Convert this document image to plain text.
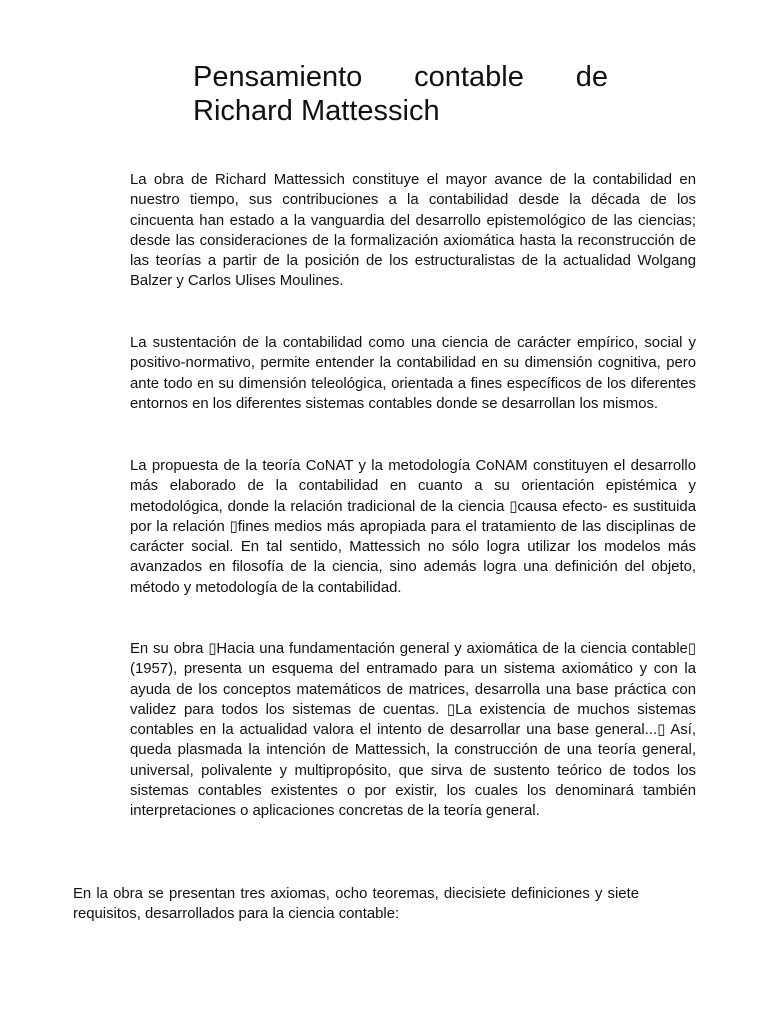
Pensamiento contable de
Richard Mattessich

La obra de Richard Mattessich constituye el mayor avance de la contabilidad en nuestro tiempo, sus contribuciones a la contabilidad desde la década de los cincuenta han estado a la vanguardia del desarrollo epistemológico de las ciencias; desde las consideraciones de la formalización axiomática hasta la reconstrucción de las teorías a partir de la posición de los estructuralistas de la actualidad Wolgang Balzer y Carlos Ulises Moulines.

La sustentación de la contabilidad como una ciencia de carácter empírico, social y positivo-normativo, permite entender la contabilidad en su dimensión cognitiva, pero ante todo en su dimensión teleológica, orientada a fines específicos de los diferentes entornos en los diferentes sistemas contables donde se desarrollan los mismos.

La propuesta de la teoría CoNAT y la metodología CoNAM constituyen el desarrollo más elaborado de la contabilidad en cuanto a su orientación epistémica y metodológica, donde la relación tradicional de la ciencia ▯causa efecto- es sustituida por la relación ▯fines medios más apropiada para el tratamiento de las disciplinas de carácter social. En tal sentido, Mattessich no sólo logra utilizar los modelos más avanzados en filosofía de la ciencia, sino además logra una definición del objeto, método y metodología de la contabilidad.

En su obra ▯Hacia una fundamentación general y axiomática de la ciencia contable▯ (1957), presenta un esquema del entramado para un sistema axiomático y con la ayuda de los conceptos matemáticos de matrices, desarrolla una base práctica con validez para todos los sistemas de cuentas. ▯La existencia de muchos sistemas contables en la actualidad valora el intento de desarrollar una base general...▯ Así, queda plasmada la intención de Mattessich, la construcción de una teoría general, universal, polivalente y multipropósito, que sirva de sustento teórico de todos los sistemas contables existentes o por existir, los cuales los denominará también interpretaciones o aplicaciones concretas de la teoría general.

En la obra se presentan tres axiomas, ocho teoremas, diecisiete definiciones y siete requisitos, desarrollados para la ciencia contable:
